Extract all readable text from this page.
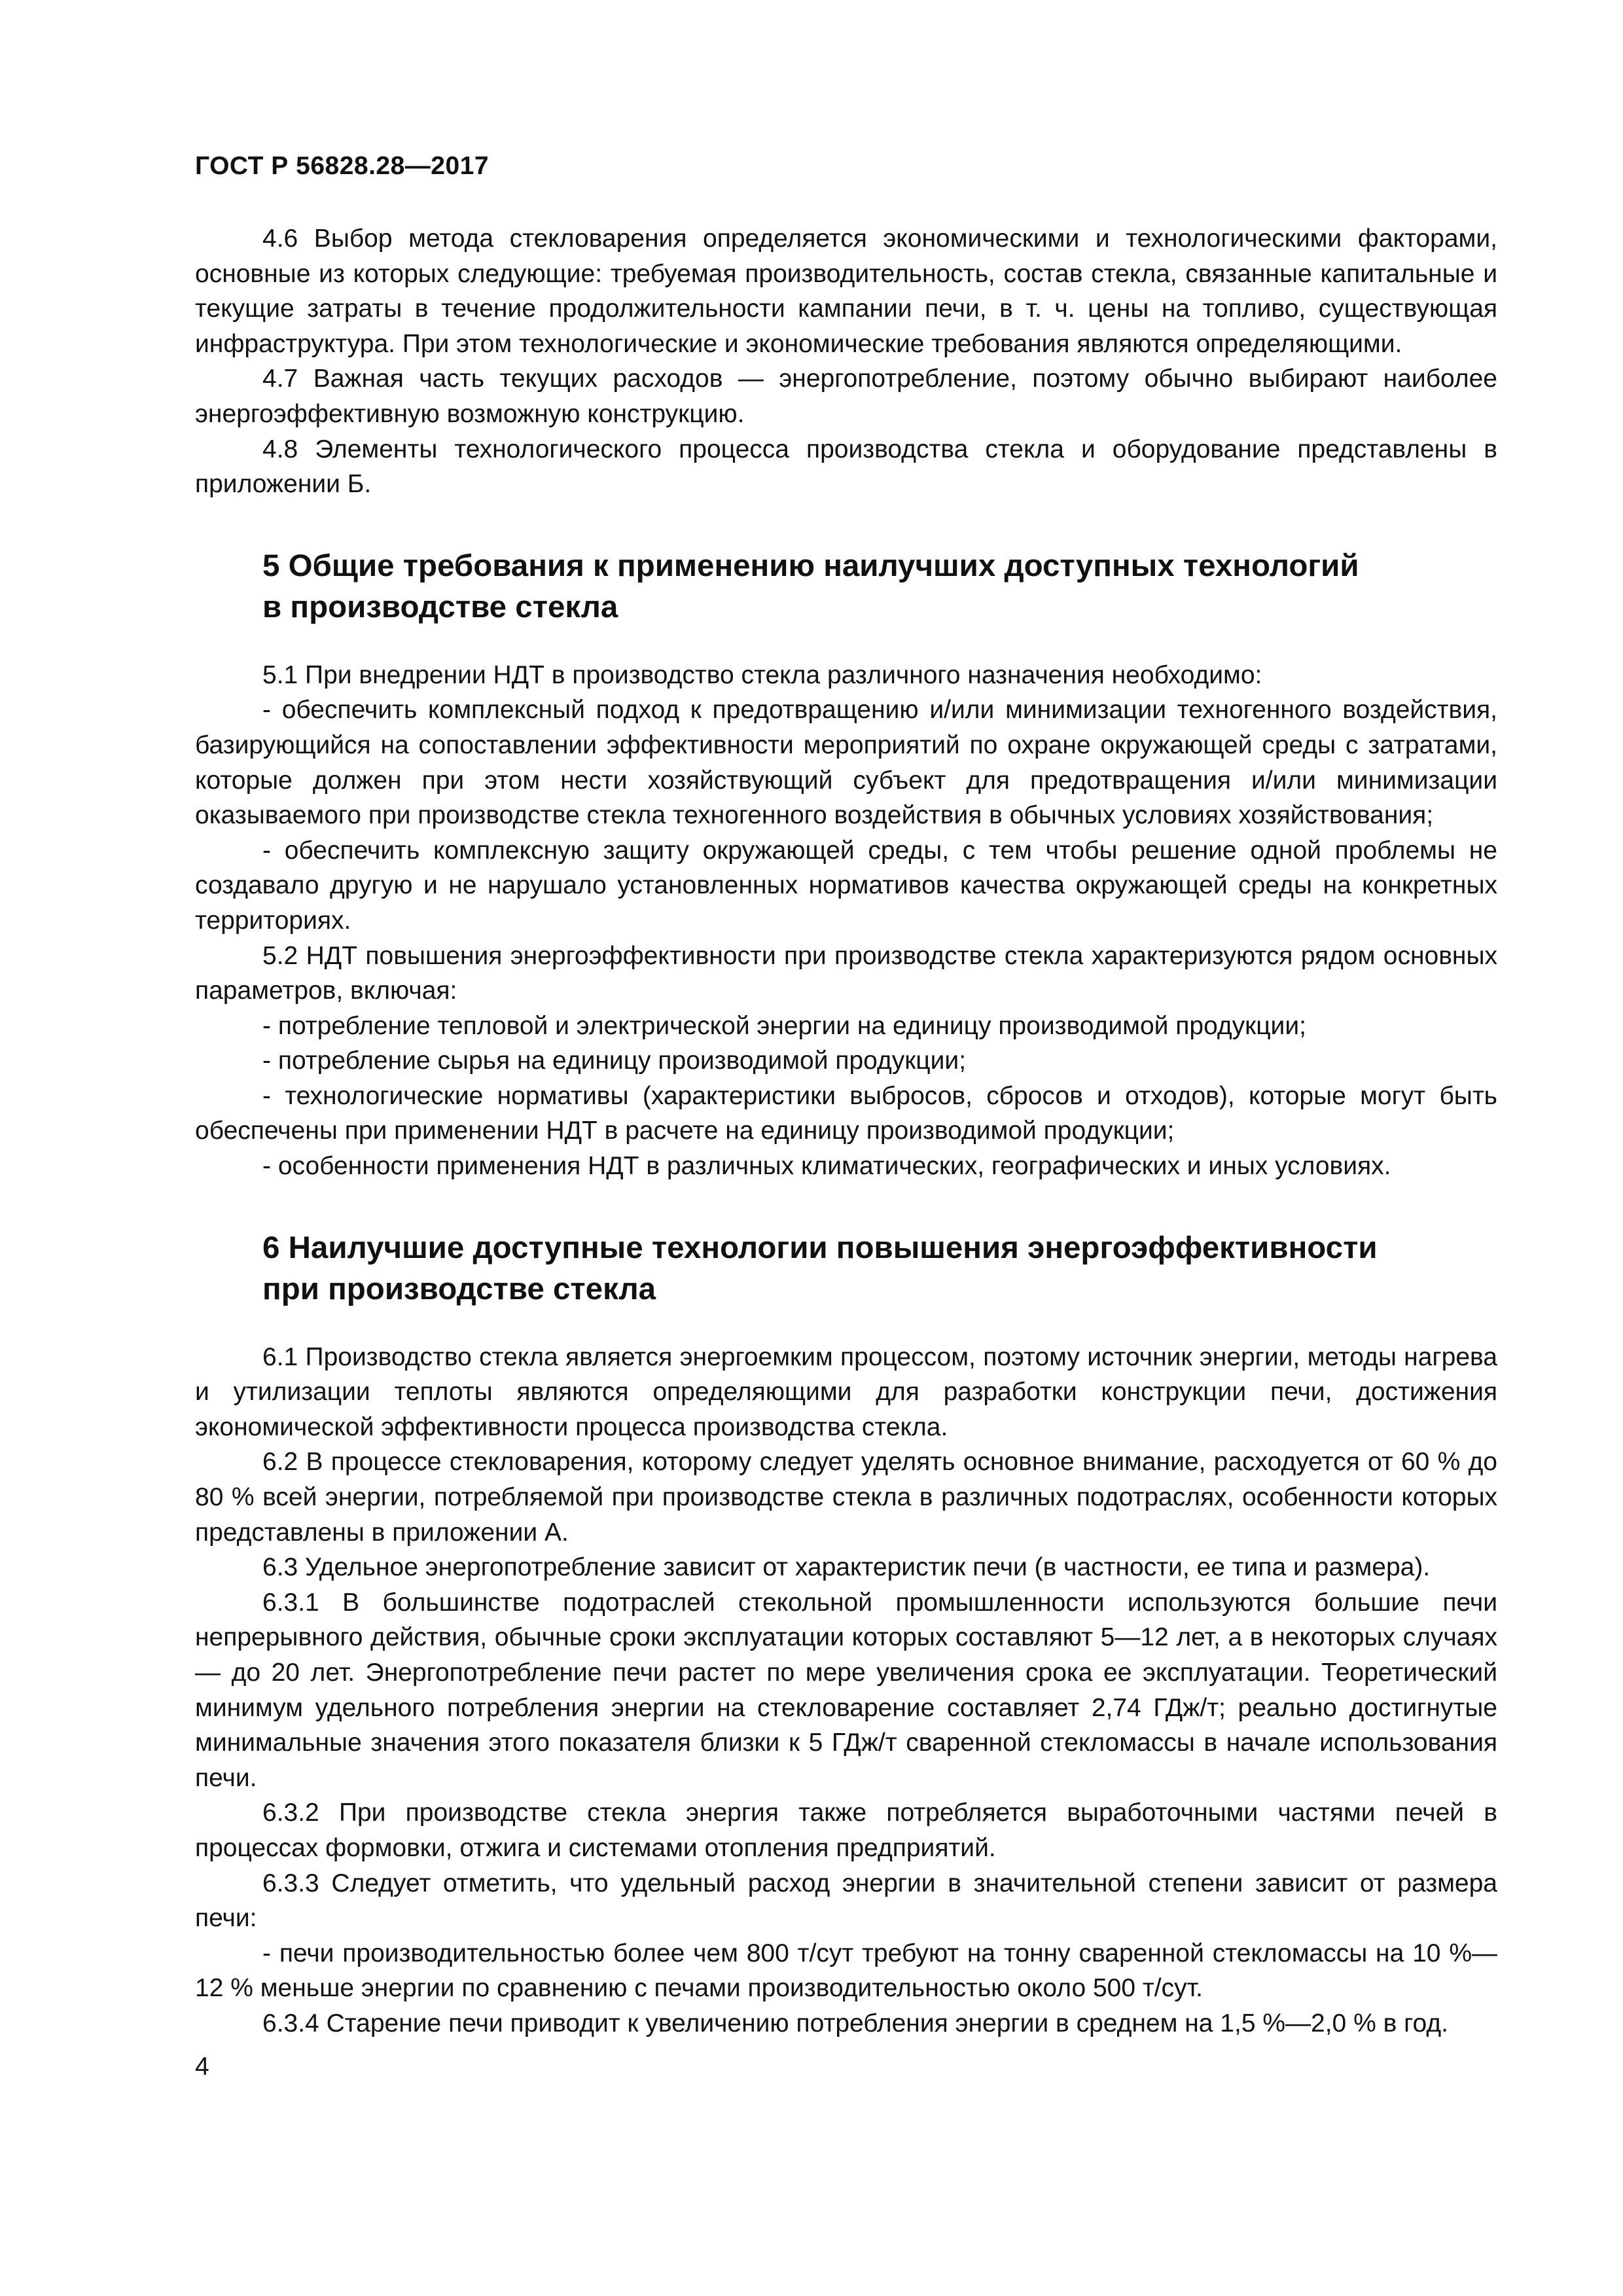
ГОСТ Р 56828.28—2017

4.6 Выбор метода стекловарения определяется экономическими и технологическими факторами, основные из которых следующие: требуемая производительность, состав стекла, связанные капитальные и текущие затраты в течение продолжительности кампании печи, в т. ч. цены на топливо, существующая инфраструктура. При этом технологические и экономические требования являются определяющими.

4.7 Важная часть текущих расходов — энергопотребление, поэтому обычно выбирают наиболее энергоэффективную возможную конструкцию.

4.8 Элементы технологического процесса производства стекла и оборудование представлены в приложении Б.

5 Общие требования к применению наилучших доступных технологий
в производстве стекла

5.1 При внедрении НДТ в производство стекла различного назначения необходимо:

- обеспечить комплексный подход к предотвращению и/или минимизации техногенного воздействия, базирующийся на сопоставлении эффективности мероприятий по охране окружающей среды с затратами, которые должен при этом нести хозяйствующий субъект для предотвращения и/или минимизации оказываемого при производстве стекла техногенного воздействия в обычных условиях хозяйствования;

- обеспечить комплексную защиту окружающей среды, с тем чтобы решение одной проблемы не создавало другую и не нарушало установленных нормативов качества окружающей среды на конкретных территориях.

5.2 НДТ повышения энергоэффективности при производстве стекла характеризуются рядом основных параметров, включая:

- потребление тепловой и электрической энергии на единицу производимой продукции;

- потребление сырья на единицу производимой продукции;

- технологические нормативы (характеристики выбросов, сбросов и отходов), которые могут быть обеспечены при применении НДТ в расчете на единицу производимой продукции;

- особенности применения НДТ в различных климатических, географических и иных условиях.

6 Наилучшие доступные технологии повышения энергоэффективности
при производстве стекла

6.1 Производство стекла является энергоемким процессом, поэтому источник энергии, методы нагрева и утилизации теплоты являются определяющими для разработки конструкции печи, достижения экономической эффективности процесса производства стекла.

6.2 В процессе стекловарения, которому следует уделять основное внимание, расходуется от 60 % до 80 % всей энергии, потребляемой при производстве стекла в различных подотраслях, особенности которых представлены в приложении А.

6.3 Удельное энергопотребление зависит от характеристик печи (в частности, ее типа и размера).

6.3.1 В большинстве подотраслей стекольной промышленности используются большие печи непрерывного действия, обычные сроки эксплуатации которых составляют 5—12 лет, а в некоторых случаях — до 20 лет. Энергопотребление печи растет по мере увеличения срока ее эксплуатации. Теоретический минимум удельного потребления энергии на стекловарение составляет 2,74 ГДж/т; реально достигнутые минимальные значения этого показателя близки к 5 ГДж/т сваренной стекломассы в начале использования печи.

6.3.2 При производстве стекла энергия также потребляется выработочными частями печей в процессах формовки, отжига и системами отопления предприятий.

6.3.3 Следует отметить, что удельный расход энергии в значительной степени зависит от размера печи:

- печи производительностью более чем 800 т/сут требуют на тонну сваренной стекломассы на 10 %—12 % меньше энергии по сравнению с печами производительностью около 500 т/сут.

6.3.4 Старение печи приводит к увеличению потребления энергии в среднем на 1,5 %—2,0 % в год.

4
